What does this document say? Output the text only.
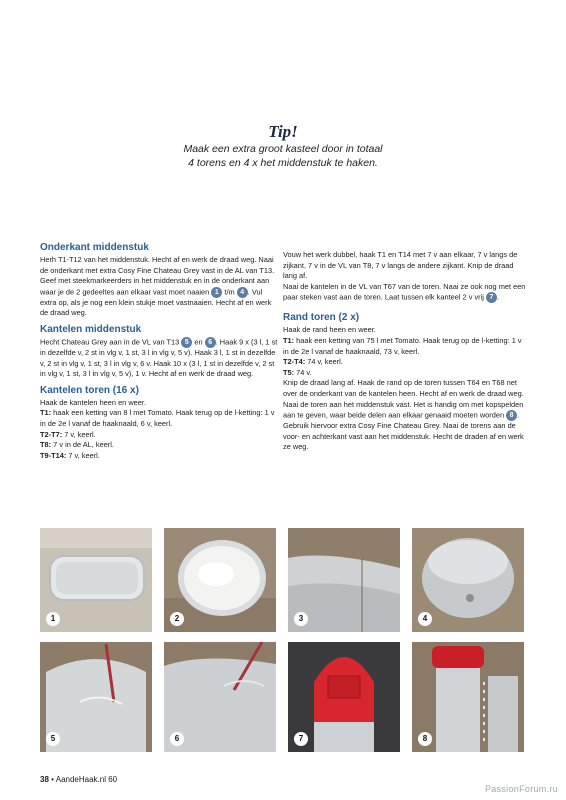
Tip!
Maak een extra groot kasteel door in totaal
4 torens en 4 x het middenstuk te haken.
Onderkant middenstuk

Herh T1-T12 van het middenstuk. Hecht af en werk de draad weg. Naai de onderkant met extra Cosy Fine Chateau Grey vast in de AL van T13. Geef met steekmarkeerders in het middenstuk en in de onderkant aan waar je de 2 gedeeltes aan elkaar vast moet naaien 1 t/m 4 . Vul extra op, als je nog een klein stukje moet vastnaaien. Hecht af en werk de draad weg.

Kantelen middenstuk

Hecht Chateau Grey aan in de VL van T13 5 en 6 . Haak 9 x (3 l, 1 st in dezelfde v, 2 st in vlg v, 1 st, 3 l in vlg v, 5 v). Haak 3 l, 1 st in dezelfde v, 2 st in vlg v, 1 st, 3 l in vlg v, 6 v. Haak 10 x (3 l, 1 st in dezelfde v, 2 st in vlg v, 1 st, 3 l in vlg v, 5 v), 1 v. Hecht af en werk de draad weg.

Kantelen toren (16 x)

Haak de kantelen heen en weer.

T1: haak een ketting van 8 l met Tomato. Haak terug op de l-ketting: 1 v in de 2e l vanaf de haaknaald, 6 v, keerl.

T2-T7: 7 v, keerl.

T8: 7 v in de AL, keerl.

T9-T14: 7 v, keerl.

Vouw het werk dubbel, haak T1 en T14 met 7 v aan elkaar, 7 v langs de zijkant, 7 v in de VL van T8, 7 v langs de andere zijkant. Knip de draad lang af.

Naai de kantelen in de VL van T67 van de toren. Naai ze ook nog met een paar steken vast aan de toren. Laat tussen elk kanteel 2 v vrij 7 .

Rand toren (2 x)

Haak de rand heen en weer.

T1: haak een ketting van 75 l met Tomato. Haak terug op de l-ketting: 1 v in de 2e l vanaf de haaknaald, 73 v, keerl.

T2-T4: 74 v, keerl.

T5: 74 v.

Knip de draad lang af. Haak de rand op de toren tussen T64 en T68 net over de onderkant van de kantelen heen. Hecht af en werk de draad weg.

Naai de toren aan het middenstuk vast. Het is handig om met kopspelden aan te geven, waar beide delen aan elkaar genaaid moeten worden 8 . Gebruik hiervoor extra Cosy Fine Chateau Grey. Naai de torens aan de voor- en achterkant vast aan het middenstuk. Hecht de draden af en werk ze weg.

1	2	3	4
5	6	7	8
38 • AandeHaak.nl 60
PassionForum.ru
